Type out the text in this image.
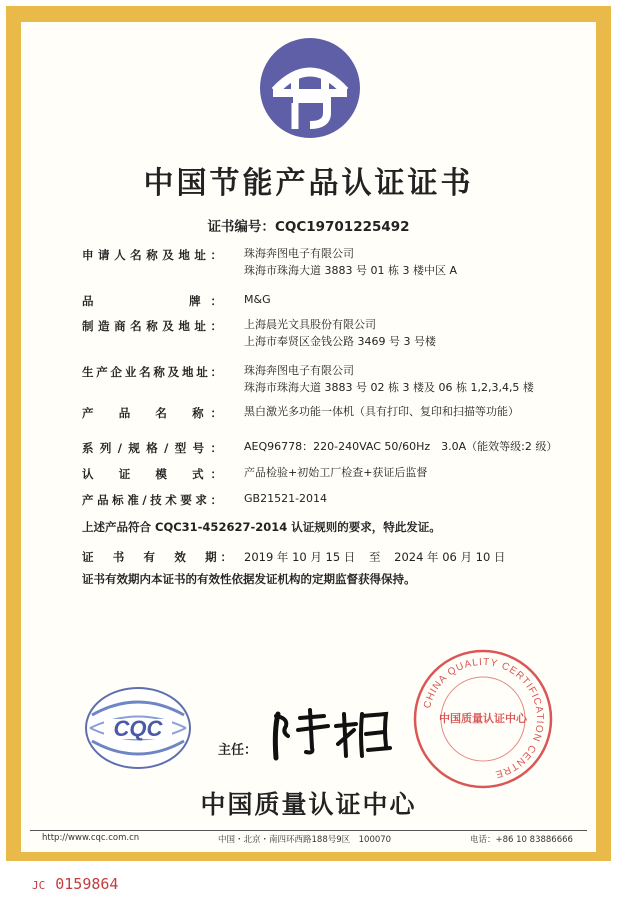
中国节能产品认证证书
证书编号：CQC19701225492
申请人名称及地址： 珠海奔图电子有限公司
珠海市珠海大道 3883 号 01 栋 3 楼中区 A
品　　　　牌： M&G
制造商名称及地址： 上海晨光文具股份有限公司
上海市奉贤区金钱公路 3469 号 3 号楼
生产企业名称及地址： 珠海奔图电子有限公司
珠海市珠海大道 3883 号 02 栋 3 楼及 06 栋 1,2,3,4,5 楼
产　品　名　称： 黑白激光多功能一体机（具有打印、复印和扫描等功能）
系列/规格/型号： AEQ96778：220-240VAC 50/60Hz　3.0A（能效等级:2 级）
认　证　模　式： 产品检验+初始工厂检查+获证后监督
产品标准/技术要求： GB21521-2014
上述产品符合 CQC31-452627-2014 认证规则的要求，特此发证。
证　书　有　效　期： 2019 年 10 月 15 日 至 2024 年 06 月 10 日
证书有效期内本证书的有效性依据发证机构的定期监督获得保持。
CQC
主任：
CHINA QUALITY CERTIFICATION CENTRE
中国质量认证中心
中国质量认证中心
http://www.cqc.com.cn	中国・北京・南四环西路188号9区　100070	电话：+86 10 83886666
JC 0159864
